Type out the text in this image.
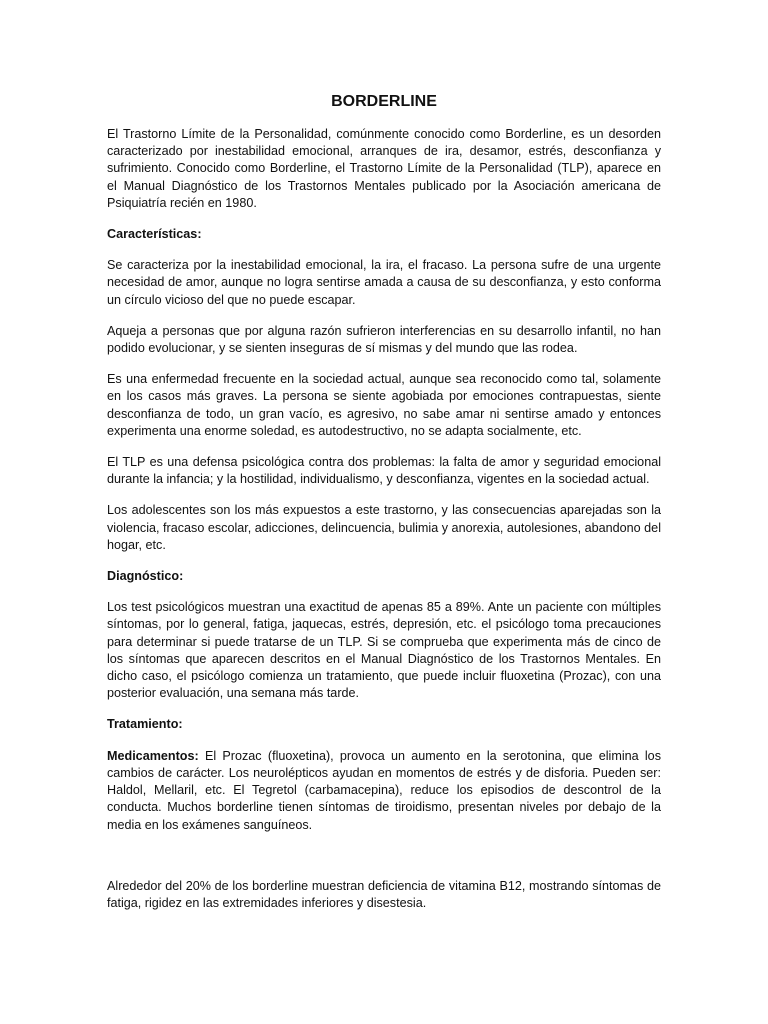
BORDERLINE
El Trastorno Límite de la Personalidad, comúnmente conocido como Borderline, es un desorden caracterizado por inestabilidad emocional, arranques de ira, desamor, estrés, desconfianza y sufrimiento. Conocido como Borderline, el Trastorno Límite de la Personalidad (TLP), aparece en el Manual Diagnóstico de los Trastornos Mentales publicado por la Asociación americana de Psiquiatría recién en 1980.
Características:
Se caracteriza por la inestabilidad emocional, la ira, el fracaso. La persona sufre de una urgente necesidad de amor, aunque no logra sentirse amada a causa de su desconfianza, y esto conforma un círculo vicioso del que no puede escapar.
Aqueja a personas que por alguna razón sufrieron interferencias en su desarrollo infantil, no han podido evolucionar, y se sienten inseguras de sí mismas y del mundo que las rodea.
Es una enfermedad frecuente en la sociedad actual, aunque sea reconocido como tal, solamente en los casos más graves. La persona se siente agobiada por emociones contrapuestas, siente desconfianza de todo, un gran vacío, es agresivo, no sabe amar ni sentirse amado y entonces experimenta una enorme soledad, es autodestructivo, no se adapta socialmente, etc.
El TLP es una defensa psicológica contra dos problemas: la falta de amor y seguridad emocional durante la infancia; y la hostilidad, individualismo, y desconfianza, vigentes en la sociedad actual.
Los adolescentes son los más expuestos a este trastorno, y las consecuencias aparejadas son la violencia, fracaso escolar, adicciones, delincuencia, bulimia y anorexia, autolesiones, abandono del hogar, etc.
Diagnóstico:
Los test psicológicos muestran una exactitud de apenas 85 a 89%. Ante un paciente con múltiples síntomas, por lo general, fatiga, jaquecas, estrés, depresión, etc. el psicólogo toma precauciones para determinar si puede tratarse de un TLP. Si se comprueba que experimenta más de cinco de los síntomas que aparecen descritos en el Manual Diagnóstico de los Trastornos Mentales. En dicho caso, el psicólogo comienza un tratamiento, que puede incluir fluoxetina (Prozac), con una posterior evaluación, una semana más tarde.
Tratamiento:
Medicamentos: El Prozac (fluoxetina), provoca un aumento en la serotonina, que elimina los cambios de carácter. Los neurolépticos ayudan en momentos de estrés y de disforia. Pueden ser: Haldol, Mellaril, etc. El Tegretol (carbamacepina), reduce los episodios de descontrol de la conducta. Muchos borderline tienen síntomas de tiroidismo, presentan niveles por debajo de la media en los exámenes sanguíneos.
Alrededor del 20% de los borderline muestran deficiencia de vitamina B12, mostrando síntomas de fatiga, rigidez en las extremidades inferiores y disestesia.
